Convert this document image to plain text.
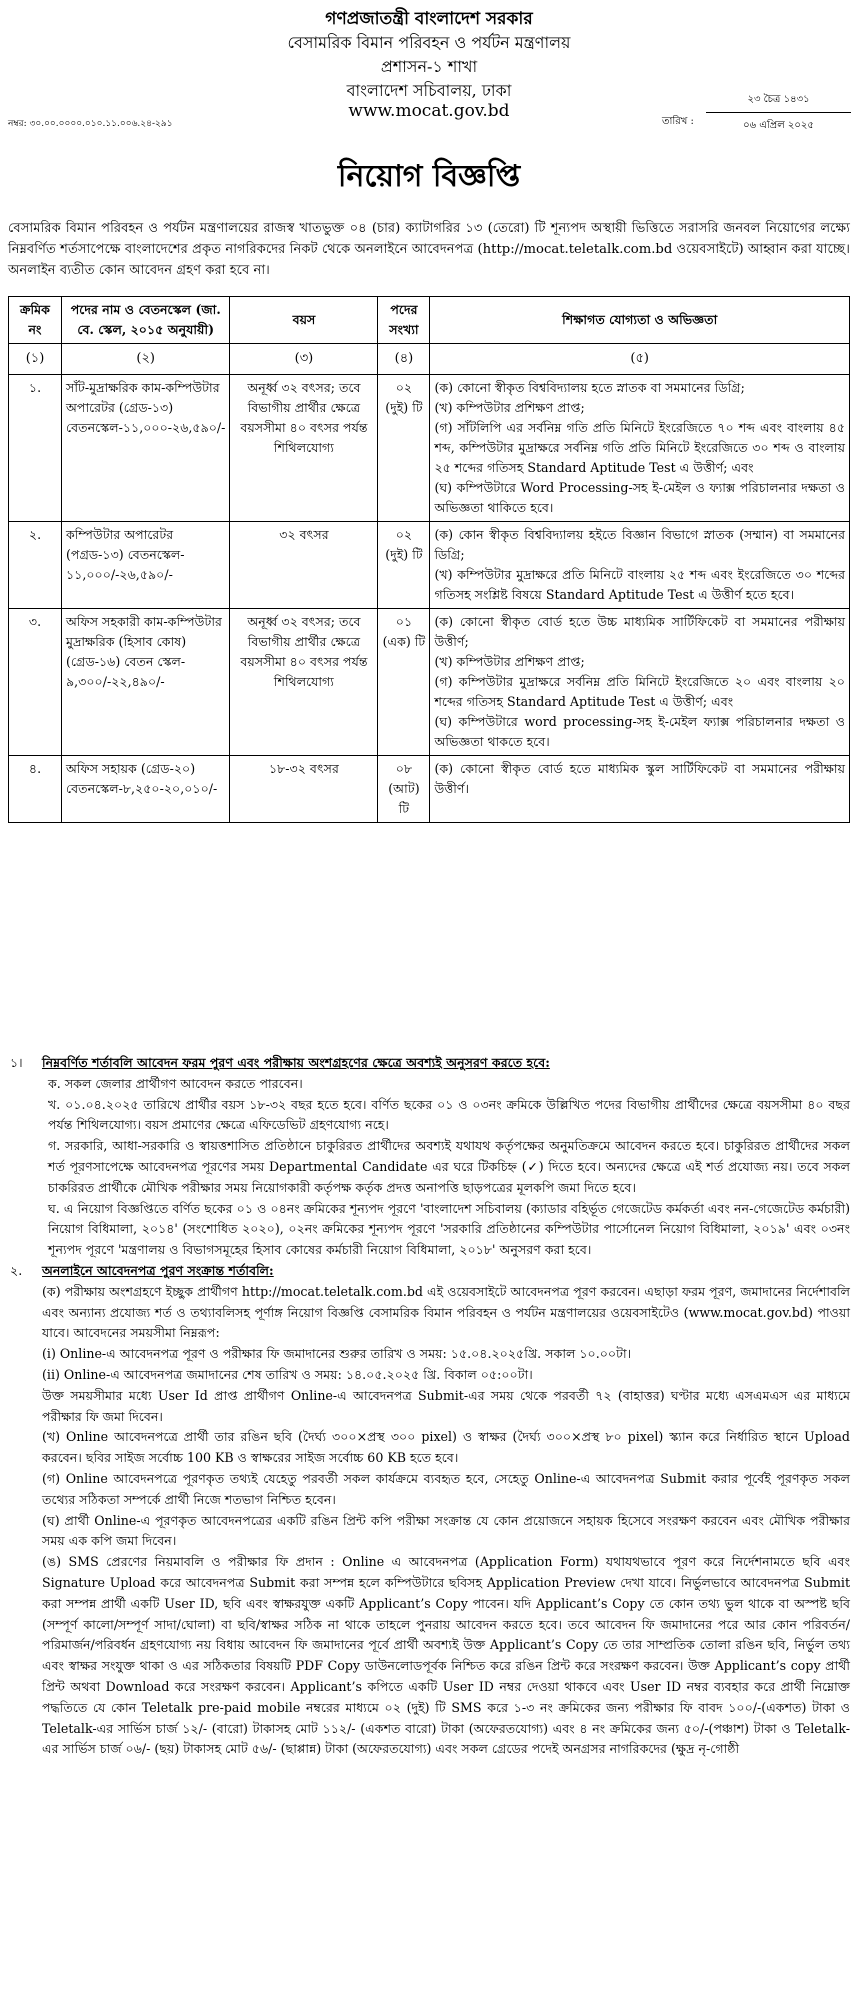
গণপ্রজাতন্ত্রী বাংলাদেশ সরকার
বেসামরিক বিমান পরিবহন ও পর্যটন মন্ত্রণালয়
প্রশাসন-১ শাখা
বাংলাদেশ সচিবালয়, ঢাকা
www.mocat.gov.bd
নম্বর: ৩০.০০.০০০০.০১০.১১.০০৬.২৪-২৯১	তারিখ :
২৩ চৈত্র ১৪৩১
০৬ এপ্রিল ২০২৫
নিয়োগ বিজ্ঞপ্তি

বেসামরিক বিমান পরিবহন ও পর্যটন মন্ত্রণালয়ের রাজস্ব খাতভুক্ত ০৪ (চার) ক্যাটাগরির ১৩ (তেরো) টি শূন্যপদ অস্থায়ী ভিত্তিতে সরাসরি জনবল নিয়োগের লক্ষ্যে নিম্নবর্ণিত শর্তসাপেক্ষে বাংলাদেশের প্রকৃত নাগরিকদের নিকট থেকে অনলাইনে আবেদনপত্র (http://mocat.teletalk.com.bd ওয়েবসাইটে) আহ্বান করা যাচ্ছে। অনলাইন ব্যতীত কোন আবেদন গ্রহণ করা হবে না।

ক্রমিক নং	পদের নাম ও বেতনস্কেল (জা. বে. স্কেল, ২০১৫ অনুযায়ী)	বয়স	পদের সংখ্যা	শিক্ষাগত যোগ্যতা ও অভিজ্ঞতা
(১)	(২)	(৩)	(৪)	(৫)
১.	সাঁট-মুদ্রাক্ষরিক কাম-কম্পিউটার অপারেটর (গ্রেড-১৩) বেতনস্কেল-১১,০০০-২৬,৫৯০/-	অনূর্ধ্ব ৩২ বৎসর; তবে বিভাগীয় প্রার্থীর ক্ষেত্রে বয়সসীমা ৪০ বৎসর পর্যন্ত শিথিলযোগ্য	০২ (দুই) টি	(ক) কোনো স্বীকৃত বিশ্ববিদ্যালয় হতে স্নাতক বা সমমানের ডিগ্রি;

(খ) কম্পিউটার প্রশিক্ষণ প্রাপ্ত;

(গ) সাঁটলিপি এর সর্বনিম্ন গতি প্রতি মিনিটে ইংরেজিতে ৭০ শব্দ এবং বাংলায় ৪৫ শব্দ, কম্পিউটার মুদ্রাক্ষরে সর্বনিম্ন গতি প্রতি মিনিটে ইংরেজিতে ৩০ শব্দ ও বাংলায় ২৫ শব্দের গতিসহ Standard Aptitude Test এ উত্তীর্ণ; এবং

(ঘ) কম্পিউটারে Word Processing-সহ ই-মেইল ও ফ্যাক্স পরিচালনার দক্ষতা ও অভিজ্ঞতা থাকিতে হবে।

২.	কম্পিউটার অপারেটর (পগ্রড-১৩) বেতনস্কেল- ১১,০০০/-২৬,৫৯০/-	৩২ বৎসর	০২ (দুই) টি	(ক) কোন স্বীকৃত বিশ্ববিদ্যালয় হইতে বিজ্ঞান বিভাগে স্নাতক (সম্মান) বা সমমানের ডিগ্রি;

(খ) কম্পিউটার মুদ্রাক্ষরে প্রতি মিনিটে বাংলায় ২৫ শব্দ এবং ইংরেজিতে ৩০ শব্দের গতিসহ সংশ্লিষ্ট বিষয়ে Standard Aptitude Test এ উত্তীর্ণ হতে হবে।

৩.	অফিস সহকারী কাম-কম্পিউটার মুদ্রাক্ষরিক (হিসাব কোষ) (গ্রেড-১৬) বেতন স্কেল- ৯,৩০০/-২২,৪৯০/-	অনূর্ধ্ব ৩২ বৎসর; তবে বিভাগীয় প্রার্থীর ক্ষেত্রে বয়সসীমা ৪০ বৎসর পর্যন্ত শিথিলযোগ্য	০১ (এক) টি	(ক) কোনো স্বীকৃত বোর্ড হতে উচ্চ মাধ্যমিক সার্টিফিকেট বা সমমানের পরীক্ষায় উত্তীর্ণ;

(খ) কম্পিউটার প্রশিক্ষণ প্রাপ্ত;

(গ) কম্পিউটার মুদ্রাক্ষরে সর্বনিম্ন প্রতি মিনিটে ইংরেজিতে ২০ এবং বাংলায় ২০ শব্দের গতিসহ Standard Aptitude Test এ উত্তীর্ণ; এবং

(ঘ) কম্পিউটারে word processing-সহ ই-মেইল ফ্যাক্স পরিচালনার দক্ষতা ও অভিজ্ঞতা থাকতে হবে।

৪.	অফিস সহায়ক (গ্রেড-২০) বেতনস্কেল-৮,২৫০-২০,০১০/-	১৮-৩২ বৎসর	০৮ (আট) টি	(ক) কোনো স্বীকৃত বোর্ড হতে মাধ্যমিক স্কুল সার্টিফিকেট বা সমমানের পরীক্ষায় উত্তীর্ণ।

১। নিম্নবর্ণিত শর্তাবলি আবেদন ফরম পুরণ এবং পরীক্ষায় অংশগ্রহণের ক্ষেত্রে অবশ্যই অনুসরণ করতে হবে:

ক. সকল জেলার প্রার্থীগণ আবেদন করতে পারবেন।

খ. ০১.০৪.২০২৫ তারিখে প্রার্থীর বয়স ১৮-৩২ বছর হতে হবে। বর্ণিত ছকের ০১ ও ০৩নং ক্রমিকে উল্লিখিত পদের বিভাগীয় প্রার্থীদের ক্ষেত্রে বয়সসীমা ৪০ বছর পর্যন্ত শিথিলযোগ্য। বয়স প্রমাণের ক্ষেত্রে এফিডেভিট গ্রহণযোগ্য নহে।

গ. সরকারি, আধা-সরকারি ও স্বায়ত্তশাসিত প্রতিষ্ঠানে চাকুরিরত প্রার্থীদের অবশ্যই যথাযথ কর্তৃপক্ষের অনুমতিক্রমে আবেদন করতে হবে। চাকুরিরত প্রার্থীদের সকল শর্ত পূরণসাপেক্ষে আবেদনপত্র পূরণের সময় Departmental Candidate এর ঘরে টিকচিহ্ন (✓) দিতে হবে। অন্যদের ক্ষেত্রে এই শর্ত প্রযোজ্য নয়। তবে সকল চাকরিরত প্রার্থীকে মৌখিক পরীক্ষার সময় নিয়োগকারী কর্তৃপক্ষ কর্তৃক প্রদত্ত অনাপত্তি ছাড়পত্রের মূলকপি জমা দিতে হবে।

ঘ. এ নিয়োগ বিজ্ঞপ্তিতে বর্ণিত ছকের ০১ ও ০৪নং ক্রমিকের শূন্যপদ পূরণে 'বাংলাদেশ সচিবালয় (ক্যাডার বহির্ভূত গেজেটেড কর্মকর্তা এবং নন-গেজেটেড কর্মচারী) নিয়োগ বিধিমালা, ২০১৪' (সংশোধিত ২০২০), ০২নং ক্রমিকের শূন্যপদ পূরণে 'সরকারি প্রতিষ্ঠানের কম্পিউটার পার্সোনেল নিয়োগ বিধিমালা, ২০১৯' এবং ০৩নং শূন্যপদ পূরণে 'মন্ত্রণালয় ও বিভাগসমূহের হিসাব কোষের কর্মচারী নিয়োগ বিধিমালা, ২০১৮' অনুসরণ করা হবে।

২. অনলাইনে আবেদনপত্র পুরণ সংক্রান্ত শর্তাবলি:

(ক) পরীক্ষায় অংশগ্রহণে ইচ্ছুক প্রার্থীগণ http://mocat.teletalk.com.bd এই ওয়েবসাইটে আবেদনপত্র পূরণ করবেন। এছাড়া ফরম পূরণ, জমাদানের নির্দেশাবলি এবং অন্যান্য প্রযোজ্য শর্ত ও তথ্যাবলিসহ পূর্ণাঙ্গ নিয়োগ বিজ্ঞপ্তি বেসামরিক বিমান পরিবহন ও পর্যটন মন্ত্রণালয়ের ওয়েবসাইটেও (www.mocat.gov.bd) পাওয়া যাবে। আবেদনের সময়সীমা নিম্নরূপ:

(i) Online-এ আবেদনপত্র পূরণ ও পরীক্ষার ফি জমাদানের শুরুর তারিখ ও সময়: ১৫.০৪.২০২৫খ্রি. সকাল ১০.০০টা।

(ii) Online-এ আবেদনপত্র জমাদানের শেষ তারিখ ও সময়: ১৪.০৫.২০২৫ খ্রি. বিকাল ০৫:০০টা।

উক্ত সময়সীমার মধ্যে User Id প্রাপ্ত প্রার্থীগণ Online-এ আবেদনপত্র Submit-এর সময় থেকে পরবর্তী ৭২ (বাহাত্তর) ঘণ্টার মধ্যে এসএমএস এর মাধ্যমে পরীক্ষার ফি জমা দিবেন।

(খ) Online আবেদনপত্রে প্রার্থী তার রঙিন ছবি (দৈর্ঘ্য ৩০০×প্রস্থ ৩০০ pixel) ও স্বাক্ষর (দৈর্ঘ্য ৩০০×প্রস্থ ৮০ pixel) স্ক্যান করে নির্ধারিত স্থানে Upload করবেন। ছবির সাইজ সর্বোচ্চ 100 KB ও স্বাক্ষরের সাইজ সর্বোচ্চ 60 KB হতে হবে।

(গ) Online আবেদনপত্রে পূরণকৃত তথ্যই যেহেতু পরবর্তী সকল কার্যক্রমে ব্যবহৃত হবে, সেহেতু Online-এ আবেদনপত্র Submit করার পূর্বেই পূরণকৃত সকল তথ্যের সঠিকতা সম্পর্কে প্রার্থী নিজে শতভাগ নিশ্চিত হবেন।

(ঘ) প্রার্থী Online-এ পূরণকৃত আবেদনপত্রের একটি রঙিন প্রিন্ট কপি পরীক্ষা সংক্রান্ত যে কোন প্রয়োজনে সহায়ক হিসেবে সংরক্ষণ করবেন এবং মৌখিক পরীক্ষার সময় এক কপি জমা দিবেন।

(ঙ) SMS প্রেরণের নিয়মাবলি ও পরীক্ষার ফি প্রদান : Online এ আবেদনপত্র (Application Form) যথাযথভাবে পূরণ করে নির্দেশনামতে ছবি এবং Signature Upload করে আবেদনপত্র Submit করা সম্পন্ন হলে কম্পিউটারে ছবিসহ Application Preview দেখা যাবে। নির্ভুলভাবে আবেদনপত্র Submit করা সম্পন্ন প্রার্থী একটি User ID, ছবি এবং স্বাক্ষরযুক্ত একটি Applicant’s Copy পাবেন। যদি Applicant’s Copy তে কোন তথ্য ভুল থাকে বা অস্পষ্ট ছবি (সম্পূর্ণ কালো/সম্পূর্ণ সাদা/ঘোলা) বা ছবি/স্বাক্ষর সঠিক না থাকে তাহলে পুনরায় আবেদন করতে হবে। তবে আবেদন ফি জমাদানের পরে আর কোন পরিবর্তন/পরিমার্জন/পরিবর্ধন গ্রহণযোগ্য নয় বিধায় আবেদন ফি জমাদানের পূর্বে প্রার্থী অবশ্যই উক্ত Applicant’s Copy তে তার সাম্প্রতিক তোলা রঙিন ছবি, নির্ভুল তথ্য এবং স্বাক্ষর সংযুক্ত থাকা ও এর সঠিকতার বিষয়টি PDF Copy ডাউনলোডপূর্বক নিশ্চিত করে রঙিন প্রিন্ট করে সংরক্ষণ করবেন। উক্ত Applicant’s copy প্রার্থী প্রিন্ট অথবা Download করে সংরক্ষণ করবেন। Applicant’s কপিতে একটি User ID নম্বর দেওয়া থাকবে এবং User ID নম্বর ব্যবহার করে প্রার্থী নিম্নোক্ত পদ্ধতিতে যে কোন Teletalk pre-paid mobile নম্বরের মাধ্যমে ০২ (দুই) টি SMS করে ১-৩ নং ক্রমিকের জন্য পরীক্ষার ফি বাবদ ১০০/-(একশত) টাকা ও Teletalk-এর সার্ভিস চার্জ ১২/- (বারো) টাকাসহ মোট ১১২/- (একশত বারো) টাকা (অফেরতযোগ্য) এবং ৪ নং ক্রমিকের জন্য ৫০/-(পঞ্চাশ) টাকা ও Teletalk-এর সার্ভিস চার্জ ০৬/- (ছয়) টাকাসহ মোট ৫৬/- (ছাপ্পান্ন) টাকা (অফেরতযোগ্য) এবং সকল গ্রেডের পদেই অনগ্রসর নাগরিকদের (ক্ষুদ্র নৃ-গোষ্ঠী
